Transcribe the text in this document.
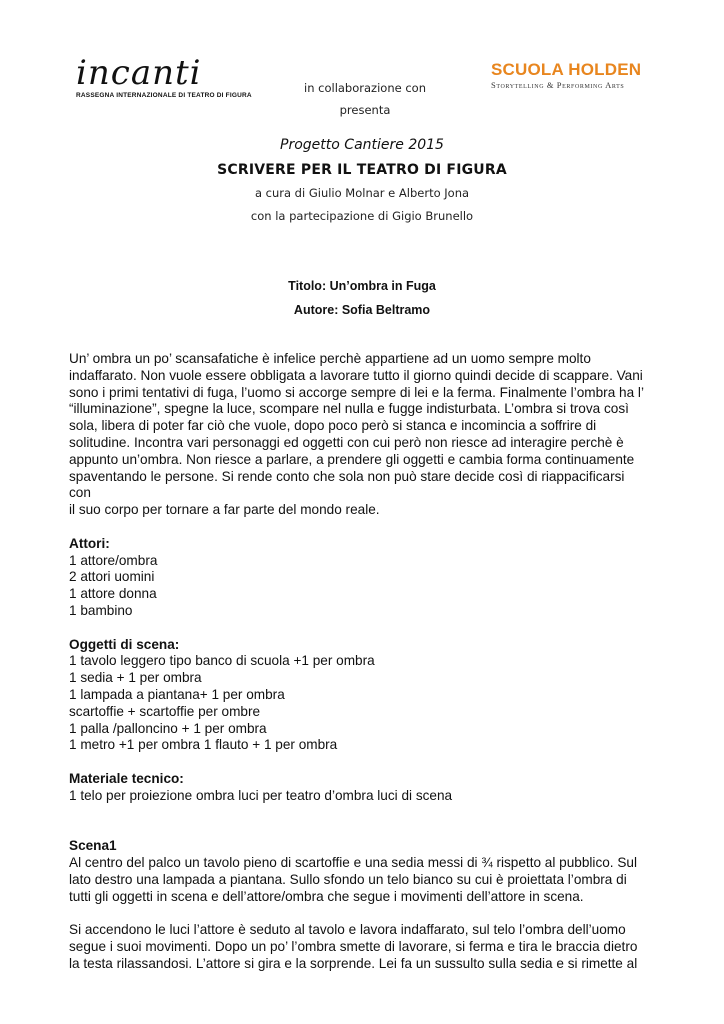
incanti
RASSEGNA INTERNAZIONALE DI TEATRO DI FIGURA
in collaborazione con
presenta
SCUOLA HOLDEN
Storytelling & Performing Arts
Progetto Cantiere 2015
SCRIVERE PER IL TEATRO DI FIGURA
a cura di Giulio Molnar e Alberto Jona
con la partecipazione di Gigio Brunello
Titolo: Un’ombra in Fuga
Autore: Sofia Beltramo

Un’ ombra un po’ scansafatiche è infelice perchè appartiene ad un uomo sempre molto

indaffarato. Non vuole essere obbligata a lavorare tutto il giorno quindi decide di scappare. Vani

sono i primi tentativi di fuga, l’uomo si accorge sempre di lei e la ferma. Finalmente l’ombra ha l’

“illuminazione”, spegne la luce, scompare nel nulla e fugge indisturbata. L’ombra si trova così

sola, libera di poter far ciò che vuole, dopo poco però si stanca e incomincia a soffrire di

solitudine. Incontra vari personaggi ed oggetti con cui però non riesce ad interagire perchè è

appunto un’ombra. Non riesce a parlare, a prendere gli oggetti e cambia forma continuamente

spaventando le persone. Si rende conto che sola non può stare decide così di riappacificarsi con

il suo corpo per tornare a far parte del mondo reale.

Attori:

1 attore/ombra

2 attori uomini

1 attore donna

1 bambino

Oggetti di scena:

1 tavolo leggero tipo banco di scuola +1 per ombra

1 sedia + 1 per ombra

1 lampada a piantana+ 1 per ombra

scartoffie + scartoffie per ombre

1 palla /palloncino + 1 per ombra

1 metro +1 per ombra 1 flauto + 1 per ombra

Materiale tecnico:

1 telo per proiezione ombra luci per teatro d’ombra luci di scena

Scena1

Al centro del palco un tavolo pieno di scartoffie e una sedia messi di ¾ rispetto al pubblico. Sul

lato destro una lampada a piantana. Sullo sfondo un telo bianco su cui è proiettata l’ombra di

tutti gli oggetti in scena e dell’attore/ombra che segue i movimenti dell’attore in scena.

Si accendono le luci l’attore è seduto al tavolo e lavora indaffarato, sul telo l’ombra dell’uomo

segue i suoi movimenti. Dopo un po’ l’ombra smette di lavorare, si ferma e tira le braccia dietro

la testa rilassandosi. L’attore si gira e la sorprende. Lei fa un sussulto sulla sedia e si rimette al
